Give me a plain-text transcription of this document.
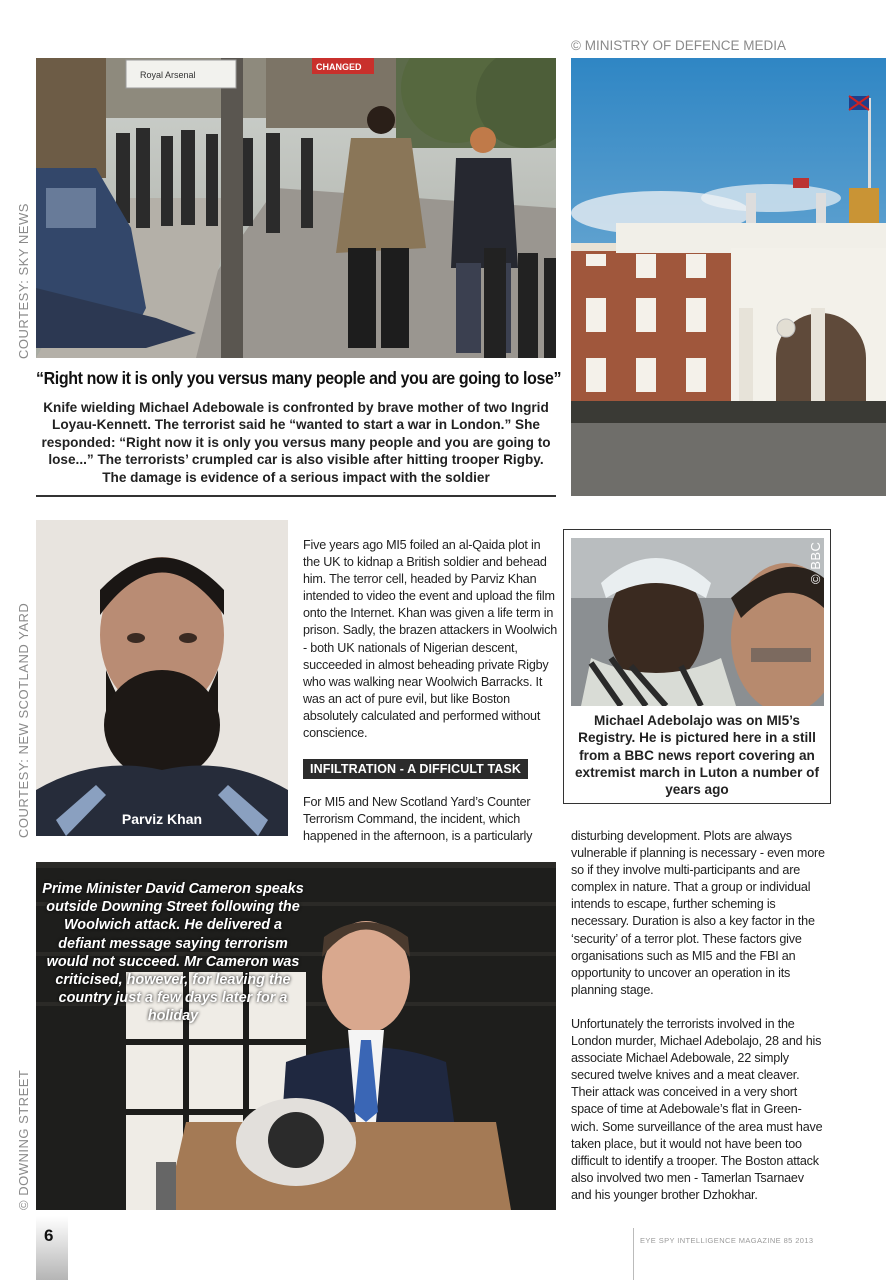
© MINISTRY OF DEFENCE MEDIA
Royal Arsenal
CHANGED
COURTESY: SKY NEWS
“Right now it is only you versus many people and you are going to lose”
Knife wielding Michael Adebowale is confronted by brave mother of two Ingrid Loyau-Kennett. The terrorist said he “wanted to start a war in London.” She responded: “Right now it is only you versus many people and you are going to lose...” The terrorists’ crumpled car is also visible after hitting trooper Rigby. The damage is evidence of a serious impact with the soldier
Parviz Khan
COURTESY: NEW SCOTLAND YARD
Five years ago MI5 foiled an al-Qaida plot in the UK to kidnap a British soldier and behead him. The terror cell, headed by Parviz Khan intended to video the event and upload the film onto the Internet. Khan was given a life term in prison. Sadly, the brazen attackers in Woolwich - both UK nationals of Nigerian descent, succeeded in almost beheading private Rigby who was walking near Woolwich Barracks. It was an act of pure evil, but like Boston absolutely calculated and performed without conscience.
INFILTRATION - A DIFFICULT TASK
For MI5 and New Scotland Yard’s Counter Terrorism Command, the incident, which happened in the afternoon, is a particularly
© BBC
Michael Adebolajo was on MI5’s Registry. He is pictured here in a still from a BBC news report covering an extremist march in Luton a number of years ago
disturbing development. Plots are always vulnerable if planning is necessary - even more so if they involve multi-participants and are complex in nature. That a group or individual intends to escape, further scheming is necessary. Duration is also a key factor in the ‘security’ of a terror plot. These factors give organisations such as MI5 and the FBI an opportunity to uncover an operation in its planning stage.
Unfortunately the terrorists involved in the London murder, Michael Adebolajo, 28 and his associate Michael Adebowale, 22 simply secured twelve knives and a meat cleaver. Their attack was conceived in a very short space of time at Adebowale’s flat in Green-wich. Some surveillance of the area must have taken place, but it would not have been too difficult to identify a trooper. The Boston attack also involved two men - Tamerlan Tsarnaev and his younger brother Dzhokhar.
Prime Minister David Cameron speaks outside Downing Street following the Woolwich attack. He delivered a defiant message saying terrorism would not succeed. Mr Cameron was criticised, however, for leaving the country just a few days later for a holiday
© DOWNING STREET
6	EYE SPY INTELLIGENCE MAGAZINE 85 2013
